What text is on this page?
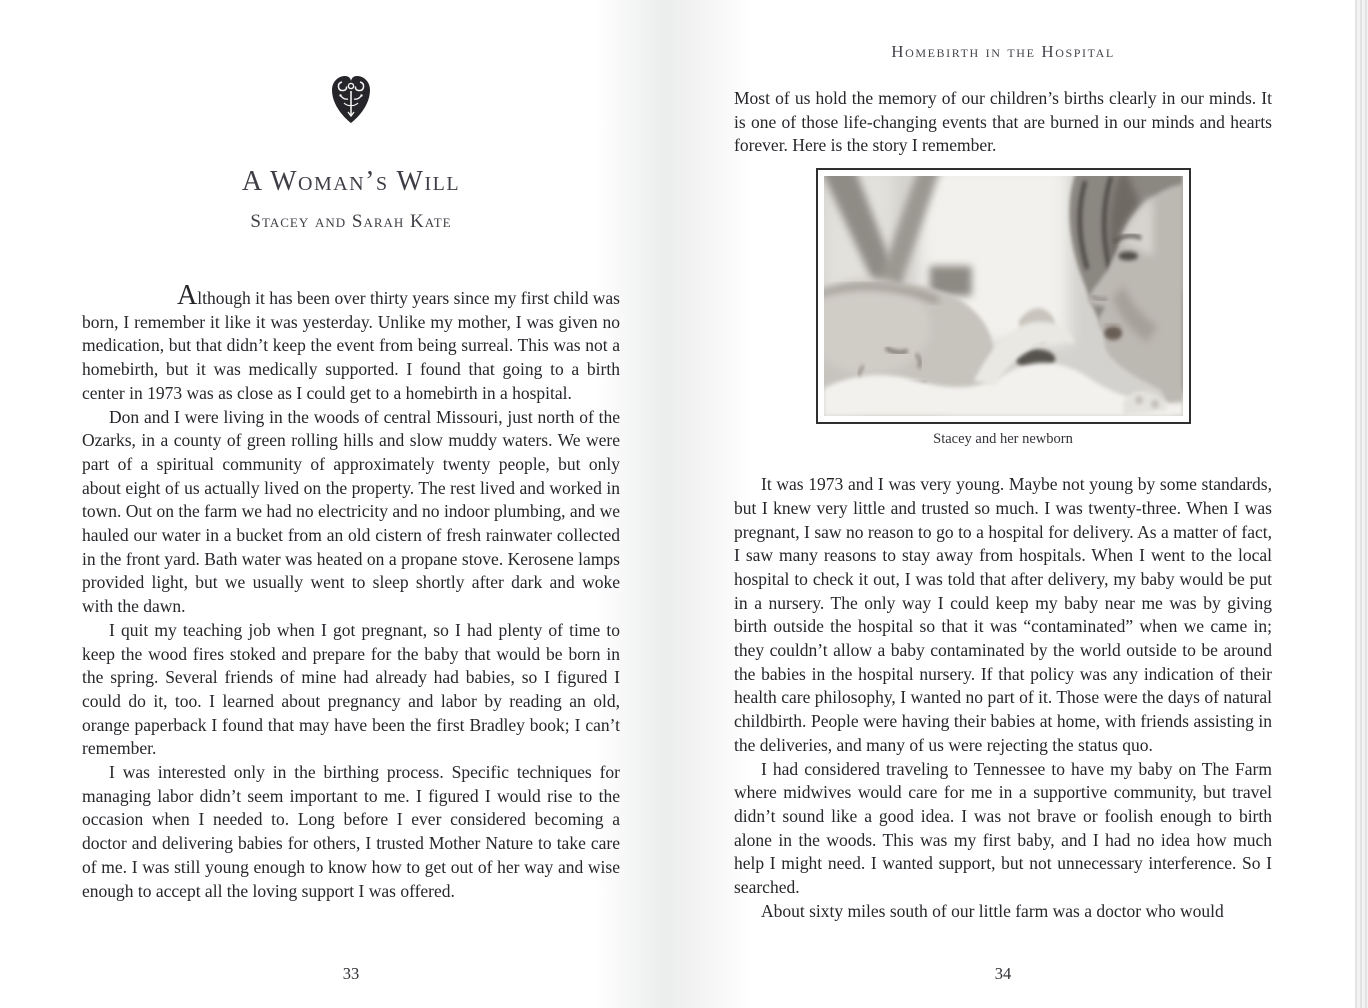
A Woman’s Will
Stacey and Sarah Kate

Although it has been over thirty years since my first child was born, I remember it like it was yesterday. Unlike my mother, I was given no medication, but that didn’t keep the event from being surreal. This was not a homebirth, but it was medically supported. I found that going to a birth center in 1973 was as close as I could get to a homebirth in a hospital.

Don and I were living in the woods of central Missouri, just north of the Ozarks, in a county of green rolling hills and slow muddy waters. We were part of a spiritual community of approximately twenty people, but only about eight of us actually lived on the property. The rest lived and worked in town. Out on the farm we had no electricity and no indoor plumbing, and we hauled our water in a bucket from an old cistern of fresh rainwater collected in the front yard. Bath water was heated on a propane stove. Kerosene lamps provided light, but we usually went to sleep shortly after dark and woke with the dawn.

I quit my teaching job when I got pregnant, so I had plenty of time to keep the wood fires stoked and prepare for the baby that would be born in the spring. Several friends of mine had already had babies, so I figured I could do it, too. I learned about pregnancy and labor by reading an old, orange paperback I found that may have been the first Bradley book; I can’t remember.

I was interested only in the birthing process. Specific techniques for managing labor didn’t seem important to me. I figured I would rise to the occasion when I needed to. Long before I ever considered becoming a doctor and delivering babies for others, I trusted Mother Nature to take care of me. I was still young enough to know how to get out of her way and wise enough to accept all the loving support I was offered.

33
Homebirth in the Hospital

Most of us hold the memory of our children’s births clearly in our minds. It is one of those life-changing events that are burned in our minds and hearts forever. Here is the story I remember.

Stacey and her newborn

It was 1973 and I was very young. Maybe not young by some standards, but I knew very little and trusted so much. I was twenty-three. When I was pregnant, I saw no reason to go to a hospital for delivery. As a matter of fact, I saw many reasons to stay away from hospitals. When I went to the local hospital to check it out, I was told that after delivery, my baby would be put in a nursery. The only way I could keep my baby near me was by giving birth outside the hospital so that it was “contaminated” when we came in; they couldn’t allow a baby contaminated by the world outside to be around the babies in the hospital nursery. If that policy was any indication of their health care philosophy, I wanted no part of it. Those were the days of natural childbirth. People were having their babies at home, with friends assisting in the deliveries, and many of us were rejecting the status quo.

I had considered traveling to Tennessee to have my baby on The Farm where midwives would care for me in a supportive community, but travel didn’t sound like a good idea. I was not brave or foolish enough to birth alone in the woods. This was my first baby, and I had no idea how much help I might need. I wanted support, but not unnecessary interference. So I searched.

About sixty miles south of our little farm was a doctor who would

34
